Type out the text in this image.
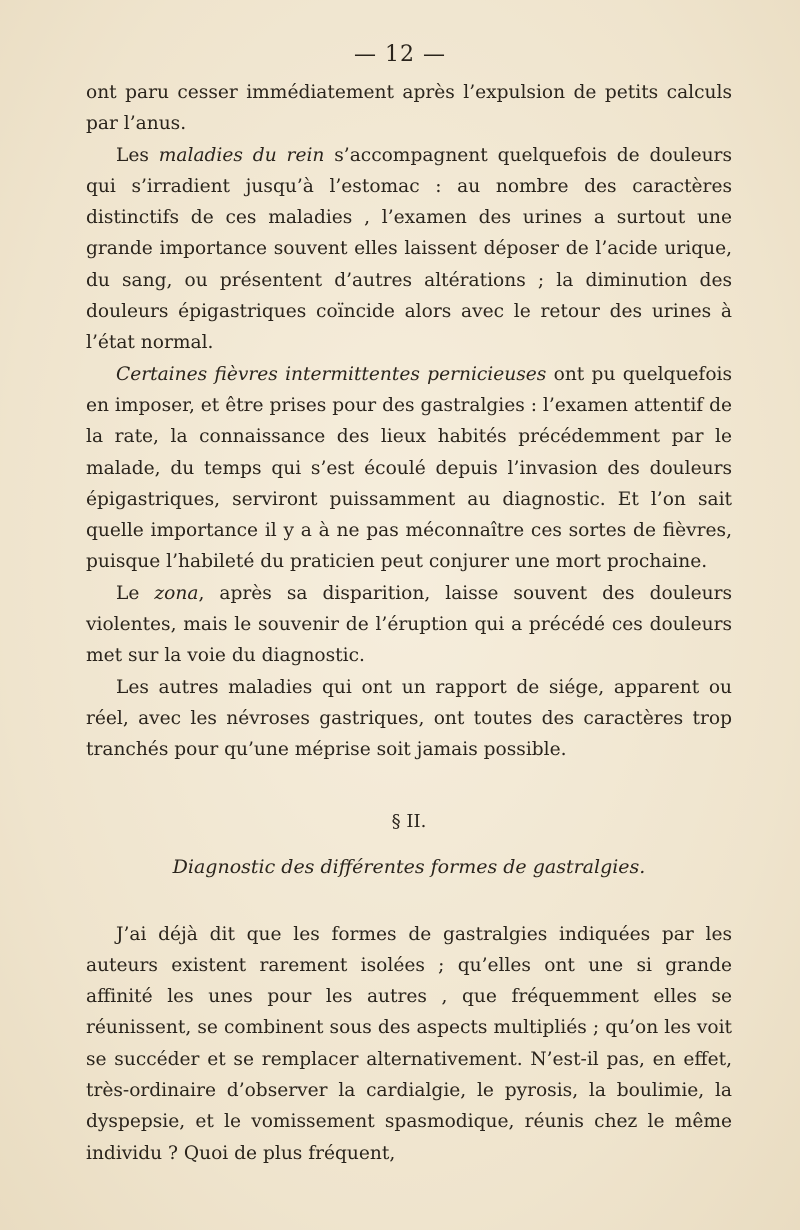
— 12 —

ont paru cesser immédiatement après l’expulsion de petits calculs par l’anus.

Les maladies du rein s’accompagnent quelquefois de douleurs qui s’irradient jusqu’à l’estomac : au nombre des caractères distinctifs de ces maladies , l’examen des urines a surtout une grande importance souvent elles laissent déposer de l’acide urique, du sang, ou présentent d’autres altérations ; la diminution des douleurs épigastriques coïncide alors avec le retour des urines à l’état normal.

Certaines fièvres intermittentes pernicieuses ont pu quelquefois en imposer, et être prises pour des gastralgies : l’examen attentif de la rate, la connaissance des lieux habités précédemment par le malade, du temps qui s’est écoulé depuis l’invasion des douleurs épigastriques, serviront puissamment au diagnostic. Et l’on sait quelle importance il y a à ne pas méconnaître ces sortes de fièvres, puisque l’habileté du praticien peut conjurer une mort prochaine.

Le zona, après sa disparition, laisse souvent des douleurs violentes, mais le souvenir de l’éruption qui a précédé ces douleurs met sur la voie du diagnostic.

Les autres maladies qui ont un rapport de siége, apparent ou réel, avec les névroses gastriques, ont toutes des caractères trop tranchés pour qu’une méprise soit jamais possible.

§ II.
Diagnostic des différentes formes de gastralgies.

J’ai déjà dit que les formes de gastralgies indiquées par les auteurs existent rarement isolées ; qu’elles ont une si grande affinité les unes pour les autres , que fréquemment elles se réunissent, se combinent sous des aspects multipliés ; qu’on les voit se succéder et se remplacer alternativement. N’est-il pas, en effet, très-ordinaire d’observer la cardialgie, le pyrosis, la boulimie, la dyspepsie, et le vomissement spasmodique, réunis chez le même individu ? Quoi de plus fréquent,
